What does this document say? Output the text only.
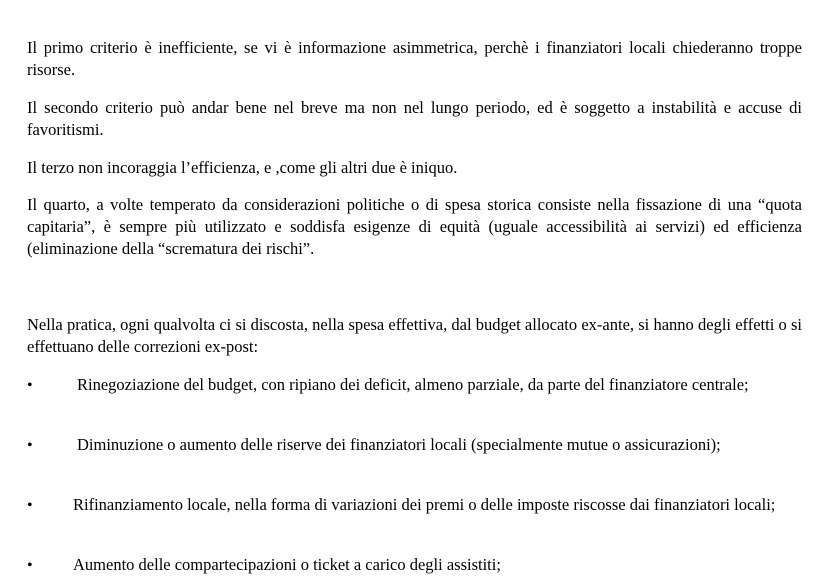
Il primo criterio è inefficiente, se vi è informazione asimmetrica, perchè i finanziatori locali chiederanno troppe risorse.

Il secondo criterio può andar bene nel breve ma non nel lungo periodo, ed è soggetto a instabilità e accuse di favoritismi.

Il terzo non incoraggia l’efficienza, e ,come gli altri due è iniquo.

Il quarto, a volte temperato da considerazioni politiche o di spesa storica consiste nella fissazione di una “quota capitaria”, è sempre più utilizzato e soddisfa esigenze di equità (uguale accessibilità ai servizi) ed efficienza (eliminazione della “scrematura dei rischi”.

Nella pratica, ogni qualvolta ci si discosta, nella spesa effettiva, dal budget allocato ex-ante, si hanno degli effetti o si effettuano delle correzioni ex-post:

•	Rinegoziazione del budget, con ripiano dei deficit, almeno parziale, da parte del finanziatore centrale;

•	Diminuzione o aumento delle riserve dei finanziatori locali (specialmente mutue o assicurazioni);

• Rifinanziamento locale, nella forma di variazioni dei premi o delle imposte riscosse dai finanziatori locali;

• Aumento delle compartecipazioni o ticket a carico degli assistiti;
